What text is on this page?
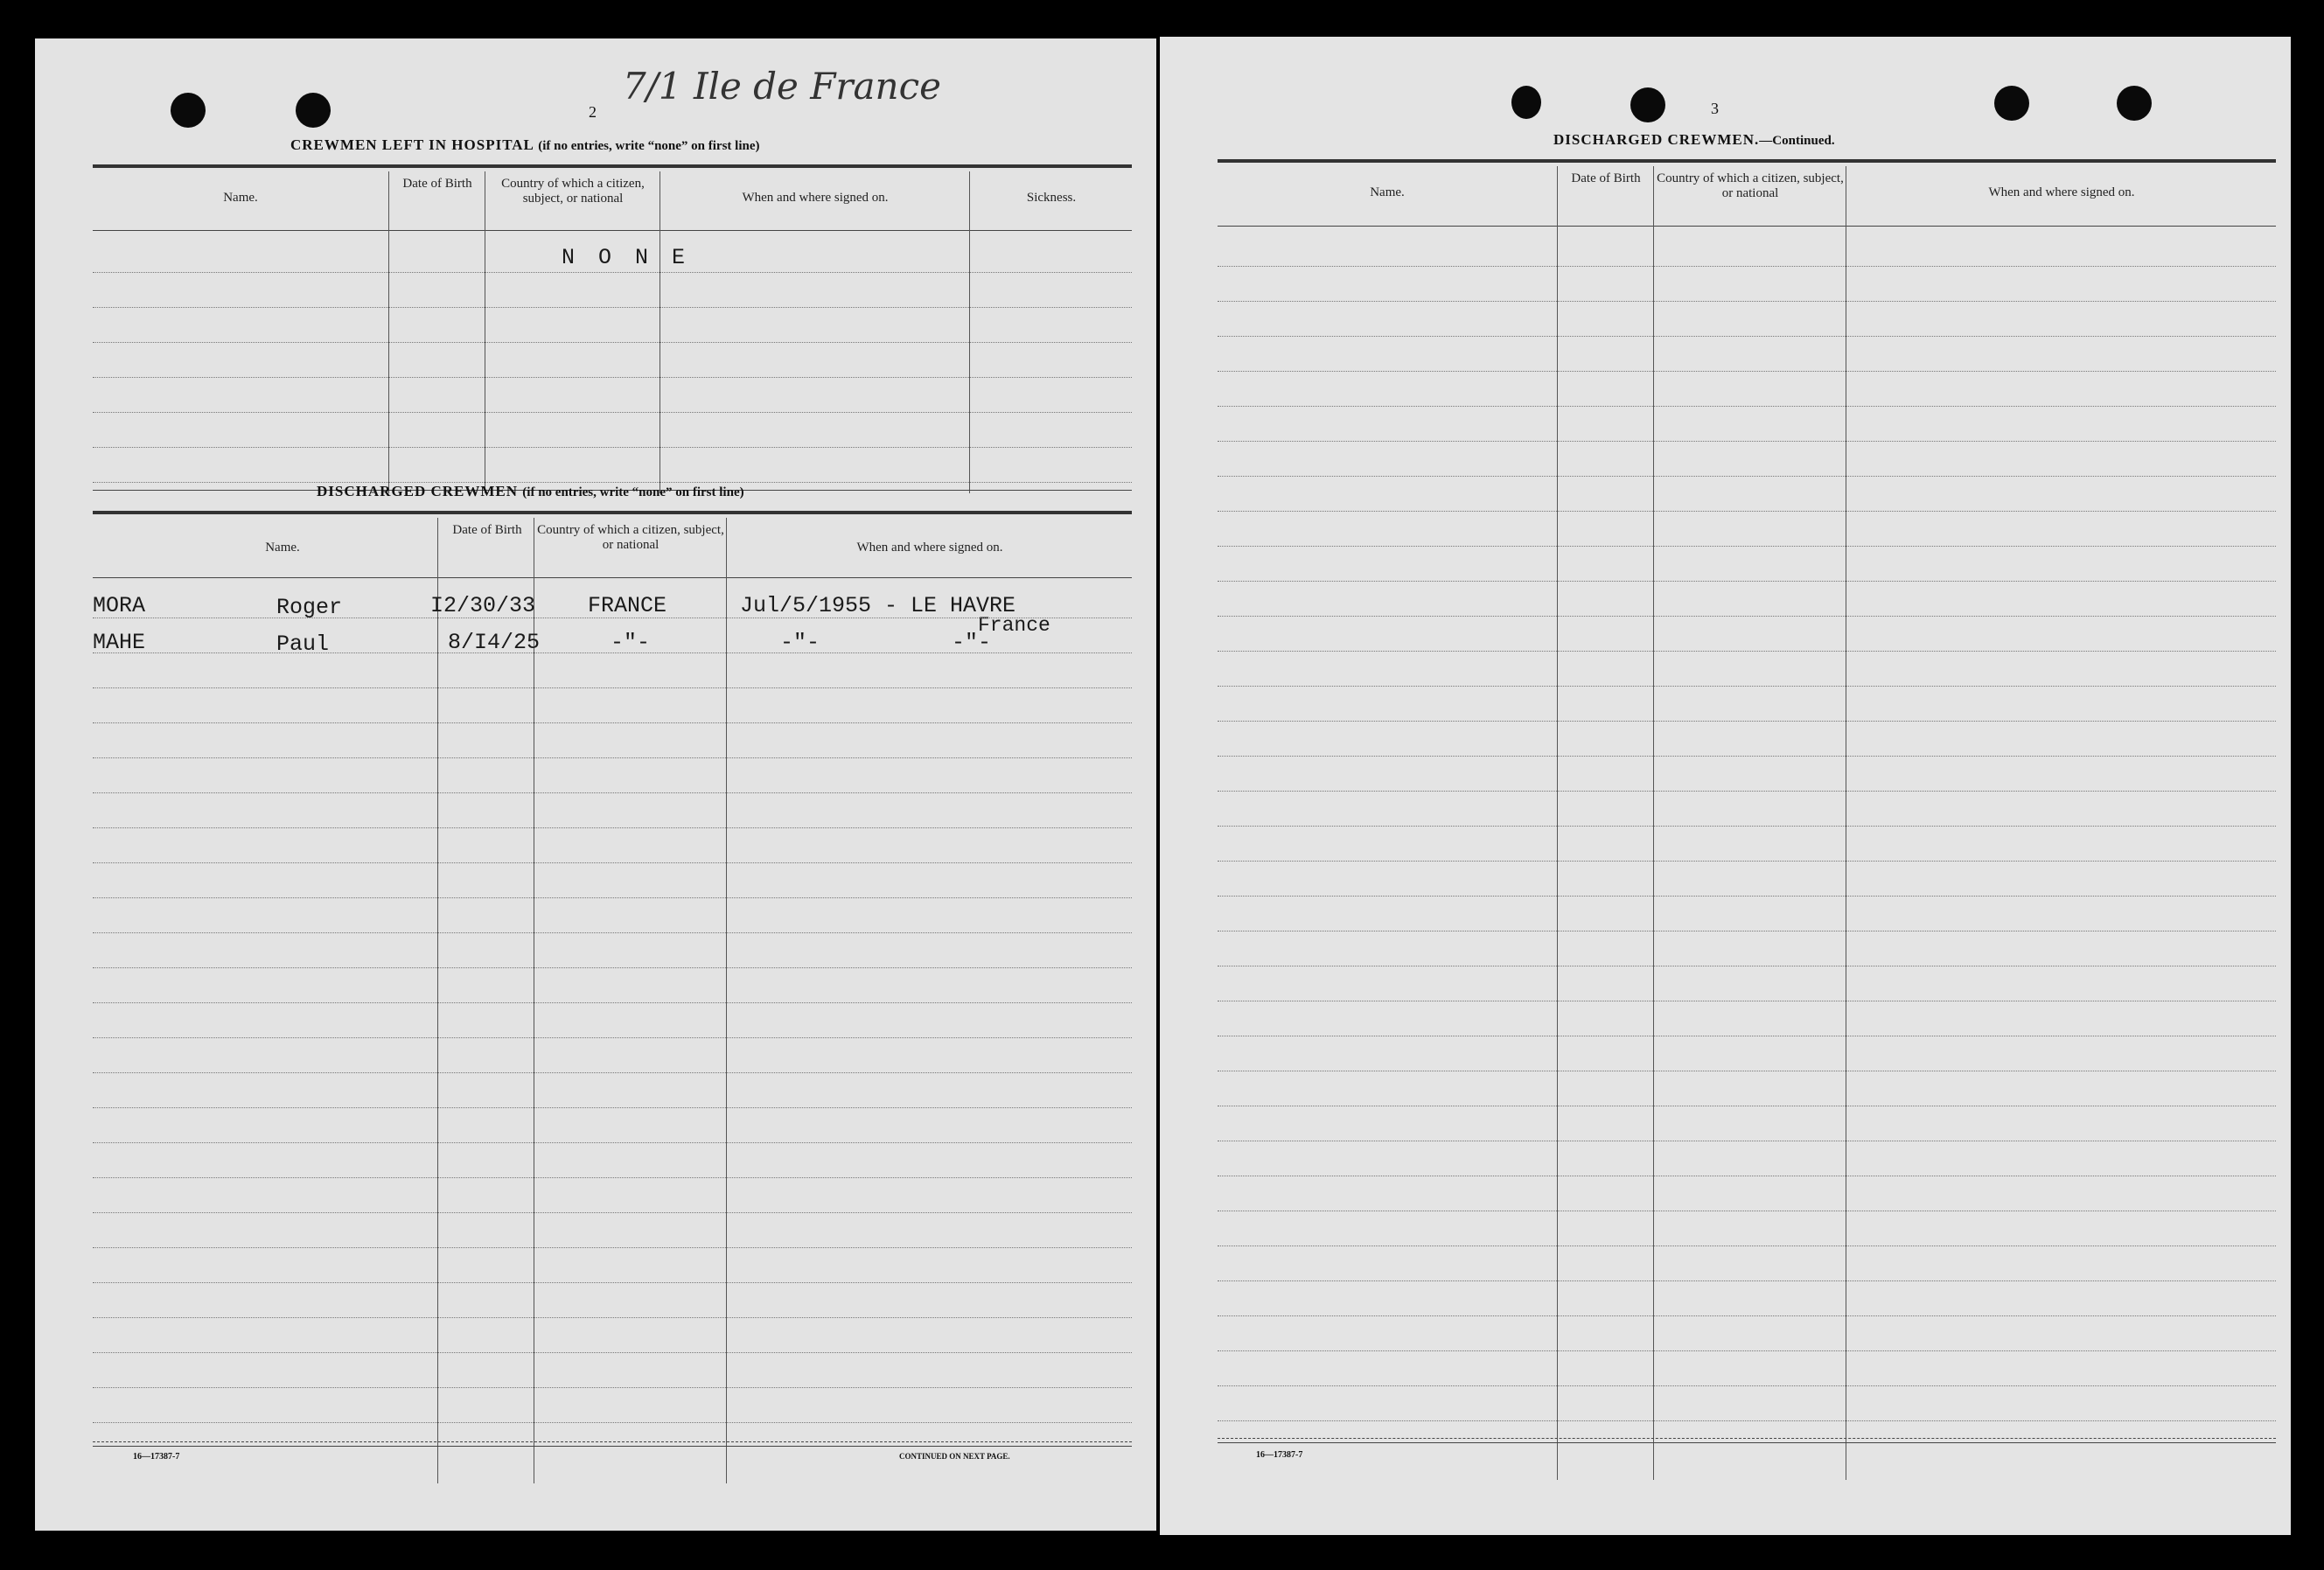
2
7/1 Ile de France
CREWMEN LEFT IN HOSPITAL (if no entries, write “none” on first line)
Name.
Date of Birth	Country of which a citizen, subject, or national	When and where signed on.	Sickness.
N O N E
DISCHARGED CREWMEN (if no entries, write “none” on first line)
Name.
Date of Birth	Country of which a citizen, subject, or national	When and where signed on.
MORA	Roger	I2/30/33 FRANCE	Jul/5/1955 - LE HAVRE
MAHE	Paul	8/I4/25	-"-	-"-	-"-
France
16—17387-7	CONTINUED ON NEXT PAGE.
3
DISCHARGED CREWMEN.—Continued.
Name.
Date of Birth	Country of which a citizen, subject, or national	When and where signed on.
16—17387-7
